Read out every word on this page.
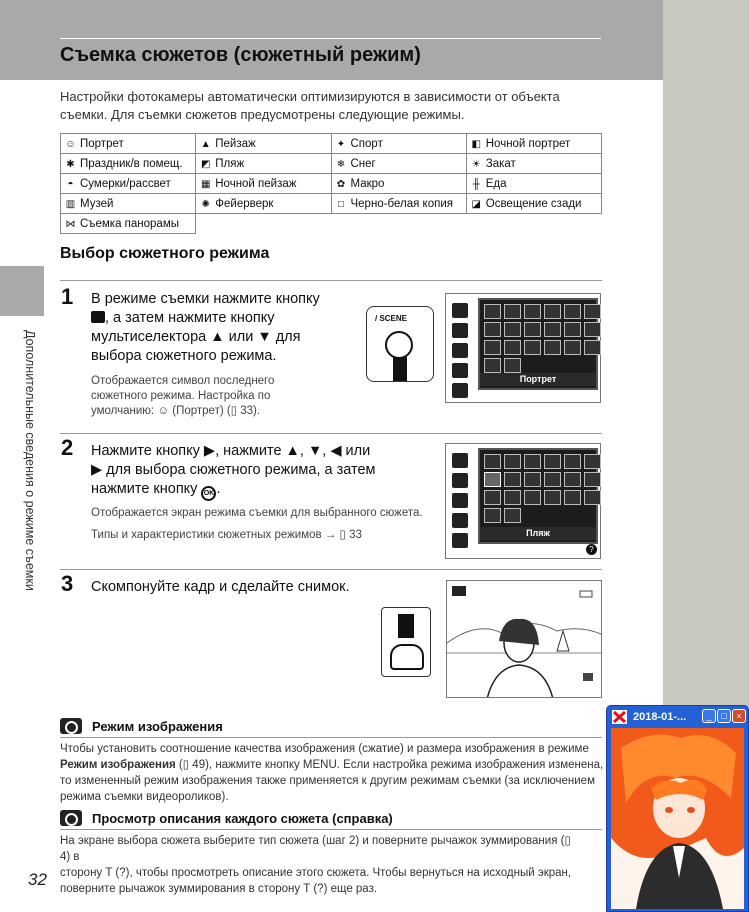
Съемка сюжетов (сюжетный режим)
Настройки фотокамеры автоматически оптимизируются в зависимости от объекта съемки. Для съемки сюжетов предусмотрены следующие режимы.
☺ Портрет	▲ Пейзаж	✦ Спорт	◧ Ночной портрет
✱ Праздник/в помещ.	◩ Пляж	❄ Снег	☀ Закат
◓ Сумерки/рассвет	▦ Ночной пейзаж	✿ Макро	╫ Еда
▥ Музей	✺ Фейерверк	□ Черно-белая копия	◪ Освещение сзади
⋈ Съемка панорамы			
Дополнительные сведения о режиме съемки
Выбор сюжетного режима
1 В режиме съемки нажмите кнопку
, а затем нажмите кнопку
мультиселектора ▲ или ▼ для
выбора сюжетного режима.
Отображается символ последнего
сюжетного режима. Настройка по
умолчанию: ☺ (Портрет) (▯ 33).
/ SCENE
Портрет
2 Нажмите кнопку ▶, нажмите ▲, ▼, ◀ или
▶ для выбора сюжетного режима, а затем
нажмите кнопку OK .
Отображается экран режима съемки для выбранного сюжета.
Типы и характеристики сюжетных режимов → ▯ 33	Пляж
?
3 Скомпонуйте кадр и сделайте снимок.
Режим изображения
Чтобы установить соотношение качества изображения (сжатие) и размера изображения в режиме
Режим изображения (▯ 49), нажмите кнопку MENU. Если настройка режима изображения изменена,
то измененный режим изображения также применяется к другим режимам съемки (за исключением
режима съемки видеороликов).
Просмотр описания каждого сюжета (справка)
На экране выбора сюжета выберите тип сюжета (шаг 2) и поверните рычажок зуммирования (▯ 4) в
сторону T (?), чтобы просмотреть описание этого сюжета. Чтобы вернуться на исходный экран,
поверните рычажок зуммирования в сторону T (?) еще раз.
32
2018-01-...	_	□	×
